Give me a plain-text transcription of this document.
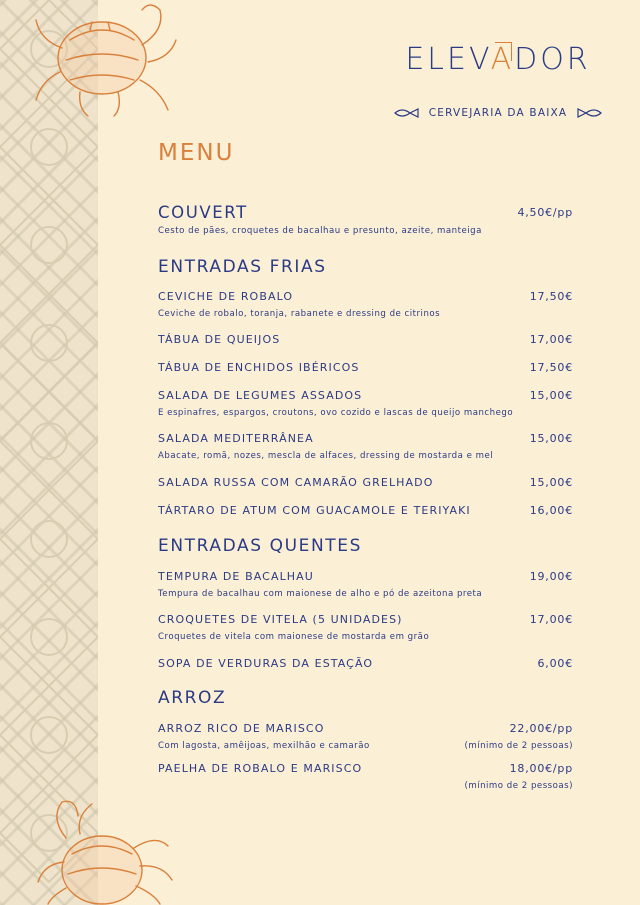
ELEVADOR
CERVEJARIA DA BAIXA
MENU
COUVERT	4,50€/pp
Cesto de pães, croquetes de bacalhau e presunto, azeite, manteiga
ENTRADAS FRIAS
CEVICHE DE ROBALO	17,50€
Ceviche de robalo, toranja, rabanete e dressing de citrinos
TÁBUA DE QUEIJOS	17,00€
TÁBUA DE ENCHIDOS IBÉRICOS	17,50€
SALADA DE LEGUMES ASSADOS	15,00€
E espinafres, espargos, croutons, ovo cozido e lascas de queijo manchego
SALADA MEDITERRÂNEA	15,00€
Abacate, romã, nozes, mescla de alfaces, dressing de mostarda e mel
SALADA RUSSA COM CAMARÃO GRELHADO	15,00€
TÁRTARO DE ATUM COM GUACAMOLE E TERIYAKI	16,00€
ENTRADAS QUENTES
TEMPURA DE BACALHAU	19,00€
Tempura de bacalhau com maionese de alho e pó de azeitona preta
CROQUETES DE VITELA (5 UNIDADES)	17,00€
Croquetes de vitela com maionese de mostarda em grão
SOPA DE VERDURAS DA ESTAÇÃO	6,00€
ARROZ
ARROZ RICO DE MARISCO	22,00€/pp
Com lagosta, amêijoas, mexilhão e camarão	(mínimo de 2 pessoas)
PAELHA DE ROBALO E MARISCO	18,00€/pp
(mínimo de 2 pessoas)
